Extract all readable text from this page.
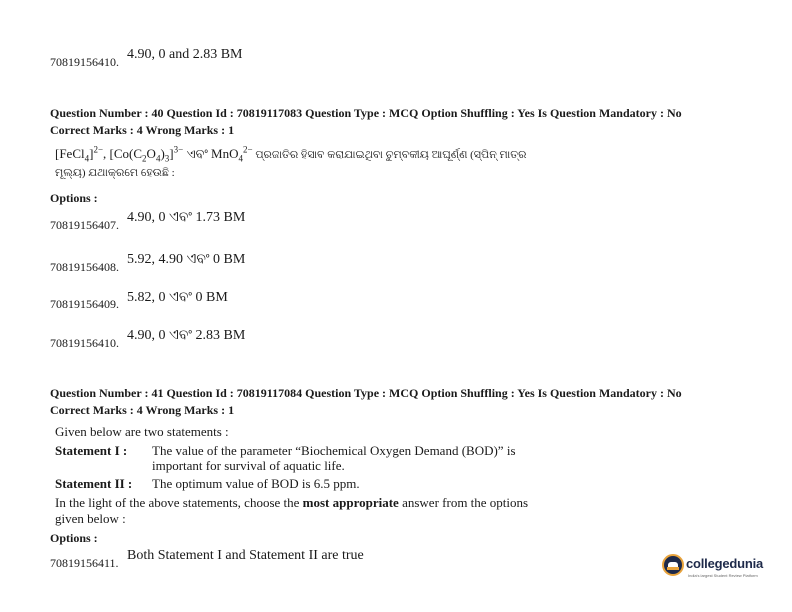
70819156410. 4.90, 0 and 2.83 BM
Question Number : 40 Question Id : 70819117083 Question Type : MCQ Option Shuffling : Yes Is Question Mandatory : No
Correct Marks : 4 Wrong Marks : 1
[FeCl$_4$]$^{2-}$, $[Co(C_2O_4)_3]^{3-}$ ଏବଂ MnO$_4^{2-}$ ପ୍ରଜାତିର ହିସାବ କରାଯାଇଥିବା ଚୁମ୍ବକୀୟ ଆଘୂର୍ଣ୍ଣ (ସ୍ପିନ୍ ମାତ୍ର
ମୂଲ୍ୟ) ଯଥାକ୍ରମେ ହେଉଛି :
Options :
70819156407. 4.90, 0 ଏବଂ 1.73 BM
70819156408. 5.92, 4.90 ଏବଂ 0 BM
70819156409. 5.82, 0 ଏବଂ 0 BM
70819156410. 4.90, 0 ଏବଂ 2.83 BM
Question Number : 41 Question Id : 70819117084 Question Type : MCQ Option Shuffling : Yes Is Question Mandatory : No
Correct Marks : 4 Wrong Marks : 1
Given below are two statements :
Statement I : The value of the parameter “Biochemical Oxygen Demand (BOD)” is
important for survival of aquatic life.
Statement II : The optimum value of BOD is 6.5 ppm.
In the light of the above statements, choose the most appropriate answer from the options
given below :
Options :
70819156411. Both Statement I and Statement II are true
collegedunia
India's largest Student Review Platform
